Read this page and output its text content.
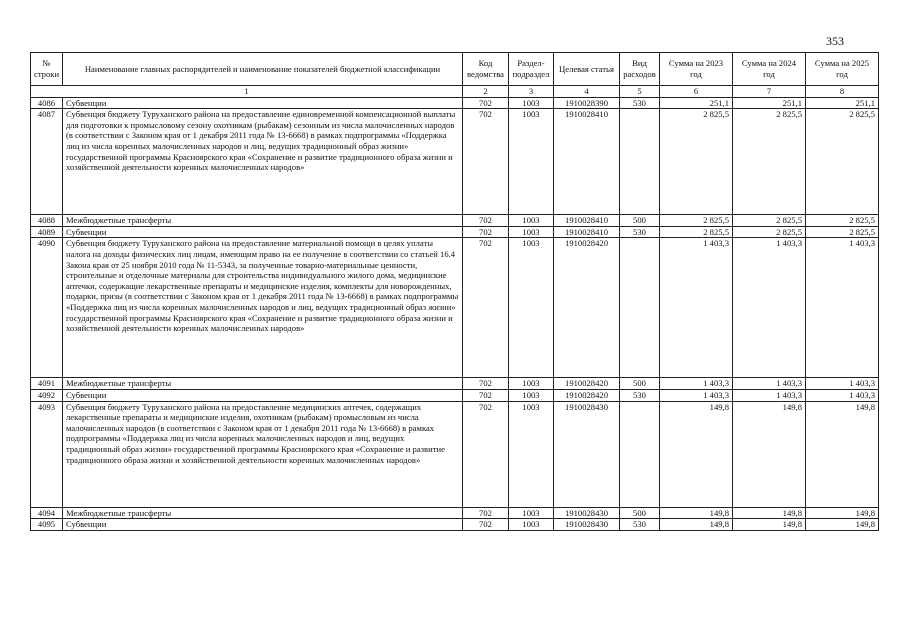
353
№ строки	Наименование главных распорядителей и наименование показателей бюджетной классификации	Код ведомства	Раздел-подраздел	Целевая статья	Вид расходов	Сумма на 2023 год	Сумма на 2024 год	Сумма на 2025 год
1		2	3	4	5	6	7	8
4086	Субвенции	702	1003	1910028390	530	251,1	251,1	251,1
4087	Субвенция бюджету Туруханского района на предоставление единовременной компенсационной выплаты для подготовки к промысловому сезону охотникам (рыбакам) сезонным из числа малочисленных народов (в соответствии с Законом края от 1 декабря 2011 года № 13-6668) в рамках подпрограммы «Поддержка лиц из числа коренных малочисленных народов и лиц, ведущих традиционный образ жизни» государственной программы Красноярского края «Сохранение и развитие традиционного образа жизни и хозяйственной деятельности коренных малочисленных народов»	702	1003	1910028410		2 825,5	2 825,5	2 825,5
4088	Межбюджетные трансферты	702	1003	1910028410	500	2 825,5	2 825,5	2 825,5
4089	Субвенции	702	1003	1910028410	530	2 825,5	2 825,5	2 825,5
4090	Субвенция бюджету Туруханского района на предоставление материальной помощи в целях уплаты налога на доходы физических лиц лицам, имеющим право на ее получение в соответствии со статьей 16.4 Закона края от 25 ноября 2010 года № 11-5343, за полученные товарно-материальные ценности, строительные и отделочные материалы для строительства индивидуального жилого дома, медицинские аптечки, содержащие лекарственные препараты и медицинские изделия, комплекты для новорожденных, подарки, призы (в соответствии с Законом края от 1 декабря 2011 года № 13-6668) в рамках подпрограммы «Поддержка лиц из числа коренных малочисленных народов и лиц, ведущих традиционный образ жизни» государственной программы Красноярского края «Сохранение и развитие традиционного образа жизни и хозяйственной деятельности коренных малочисленных народов»	702	1003	1910028420		1 403,3	1 403,3	1 403,3
4091	Межбюджетные трансферты	702	1003	1910028420	500	1 403,3	1 403,3	1 403,3
4092	Субвенции	702	1003	1910028420	530	1 403,3	1 403,3	1 403,3
4093	Субвенция бюджету Туруханского района на предоставление медицинских аптечек, содержащих лекарственные препараты и медицинские изделия, охотникам (рыбакам) промысловым из числа малочисленных народов (в соответствии с Законом края от 1 декабря 2011 года № 13-6668) в рамках подпрограммы «Поддержка лиц из числа коренных малочисленных народов и лиц, ведущих традиционный образ жизни» государственной программы Красноярского края «Сохранение и развитие традиционного образа жизни и хозяйственной деятельности коренных малочисленных народов»	702	1003	1910028430		149,8	149,8	149,8
4094	Межбюджетные трансферты	702	1003	1910028430	500	149,8	149,8	149,8
4095	Субвенции	702	1003	1910028430	530	149,8	149,8	149,8
